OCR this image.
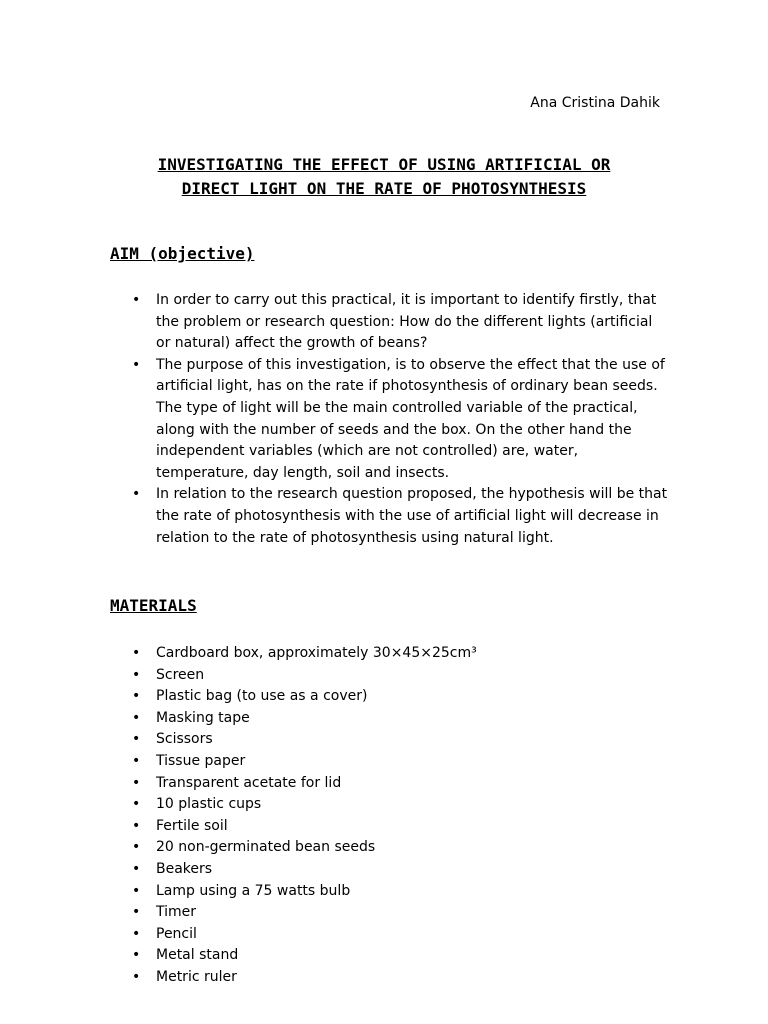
Ana Cristina Dahik
INVESTIGATING THE EFFECT OF USING ARTIFICIAL OR
DIRECT LIGHT ON THE RATE OF PHOTOSYNTHESIS
AIM (objective)
• In order to carry out this practical, it is important to identify firstly, that the problem or research question: How do the different lights (artificial or natural) affect the growth of beans?
• The purpose of this investigation, is to observe the effect that the use of artificial light, has on the rate if photosynthesis of ordinary bean seeds. The type of light will be the main controlled variable of the practical, along with the number of seeds and the box. On the other hand the independent variables (which are not controlled) are, water, temperature, day length, soil and insects.
• In relation to the research question proposed, the hypothesis will be that the rate of photosynthesis with the use of artificial light will decrease in relation to the rate of photosynthesis using natural light.
MATERIALS
• Cardboard box, approximately 30×45×25cm³
• Screen
• Plastic bag (to use as a cover)
• Masking tape
• Scissors
• Tissue paper
• Transparent acetate for lid
• 10 plastic cups
• Fertile soil
• 20 non-germinated bean seeds
• Beakers
• Lamp using a 75 watts bulb
• Timer
• Pencil
• Metal stand
• Metric ruler
